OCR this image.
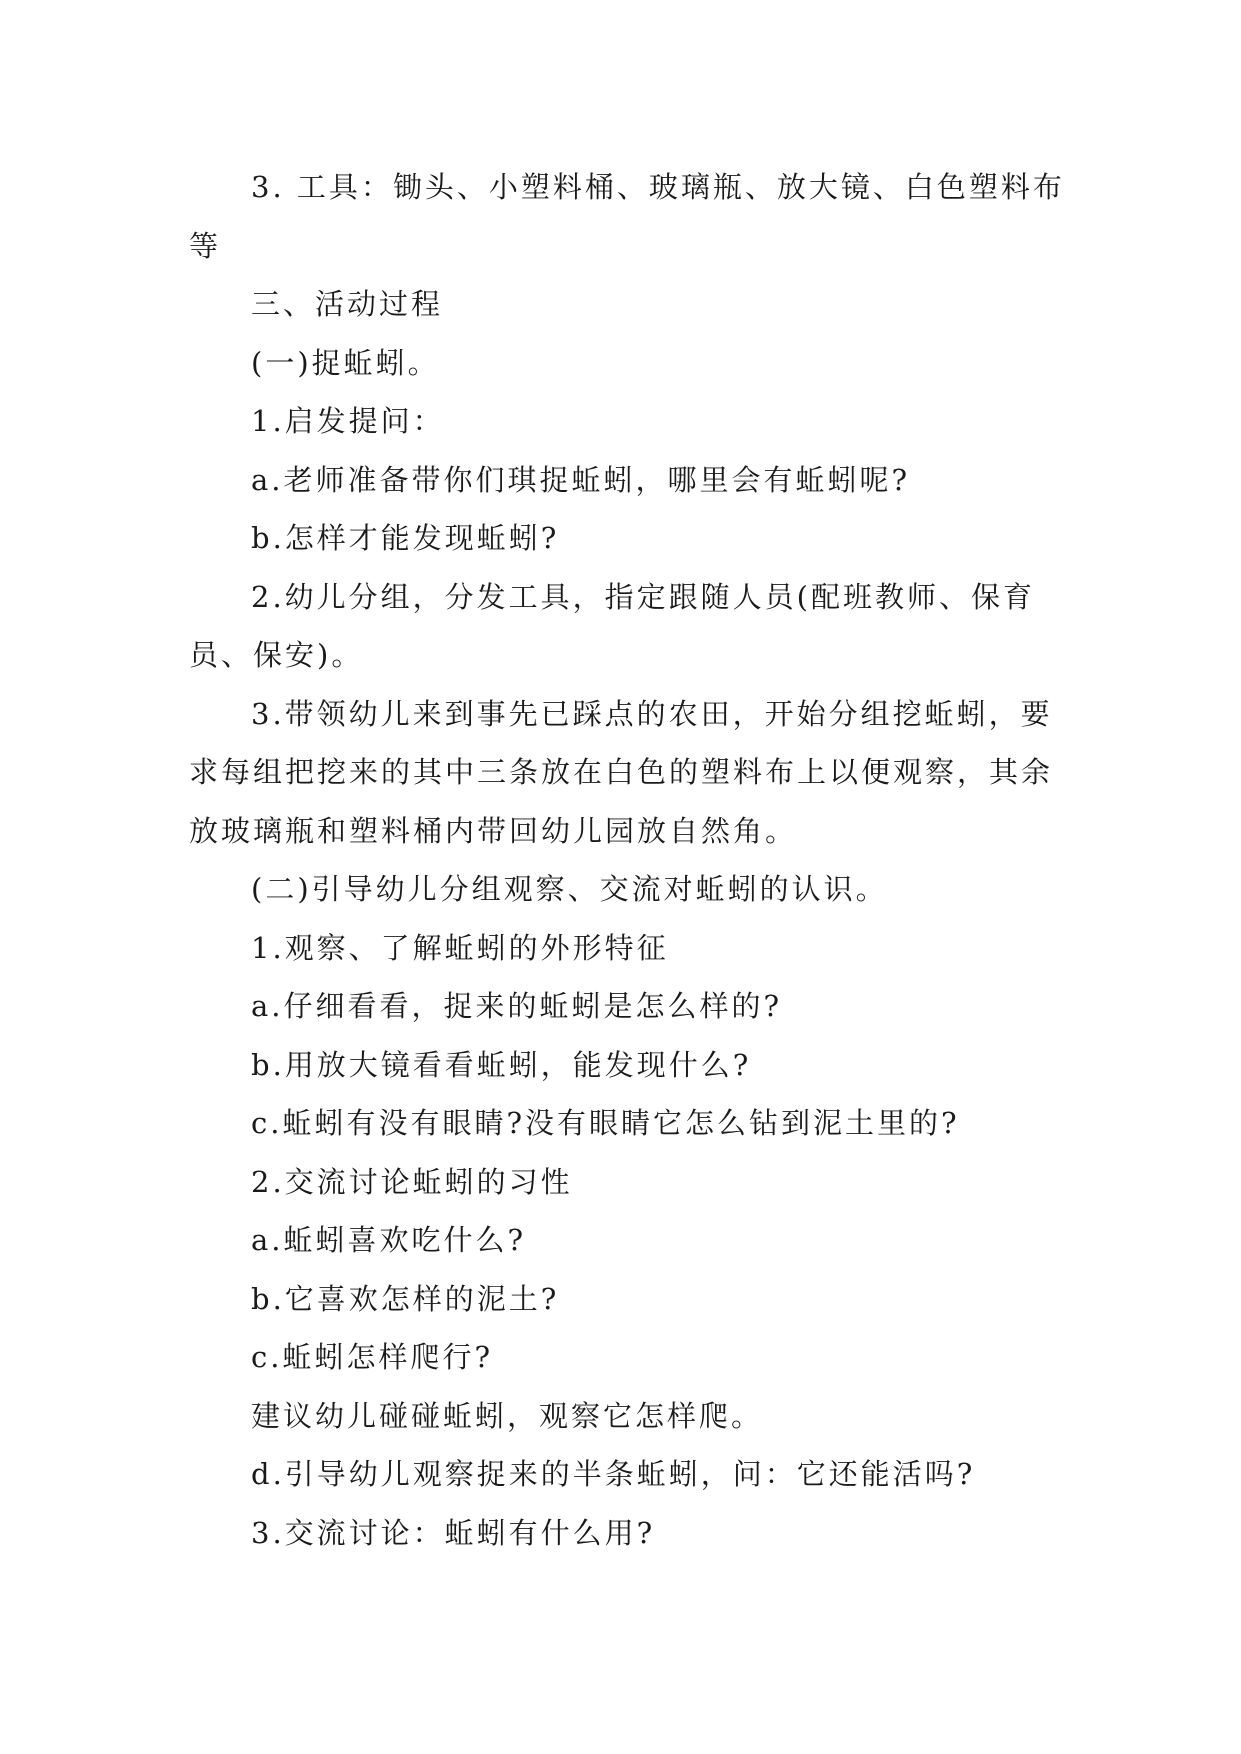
3. 工具：锄头、小塑料桶、玻璃瓶、放大镜、白色塑料布等

三、活动过程

(一)捉蚯蚓。

1.启发提问：

a.老师准备带你们琪捉蚯蚓，哪里会有蚯蚓呢?

b.怎样才能发现蚯蚓?

2.幼儿分组，分发工具，指定跟随人员(配班教师、保育员、保安)。

3.带领幼儿来到事先已踩点的农田，开始分组挖蚯蚓，要求每组把挖来的其中三条放在白色的塑料布上以便观察，其余放玻璃瓶和塑料桶内带回幼儿园放自然角。

(二)引导幼儿分组观察、交流对蚯蚓的认识。

1.观察、了解蚯蚓的外形特征

a.仔细看看，捉来的蚯蚓是怎么样的?

b.用放大镜看看蚯蚓，能发现什么?

c.蚯蚓有没有眼睛?没有眼睛它怎么钻到泥土里的?

2.交流讨论蚯蚓的习性

a.蚯蚓喜欢吃什么?

b.它喜欢怎样的泥土?

c.蚯蚓怎样爬行?

建议幼儿碰碰蚯蚓，观察它怎样爬。

d.引导幼儿观察捉来的半条蚯蚓，问：它还能活吗?

3.交流讨论：蚯蚓有什么用?
